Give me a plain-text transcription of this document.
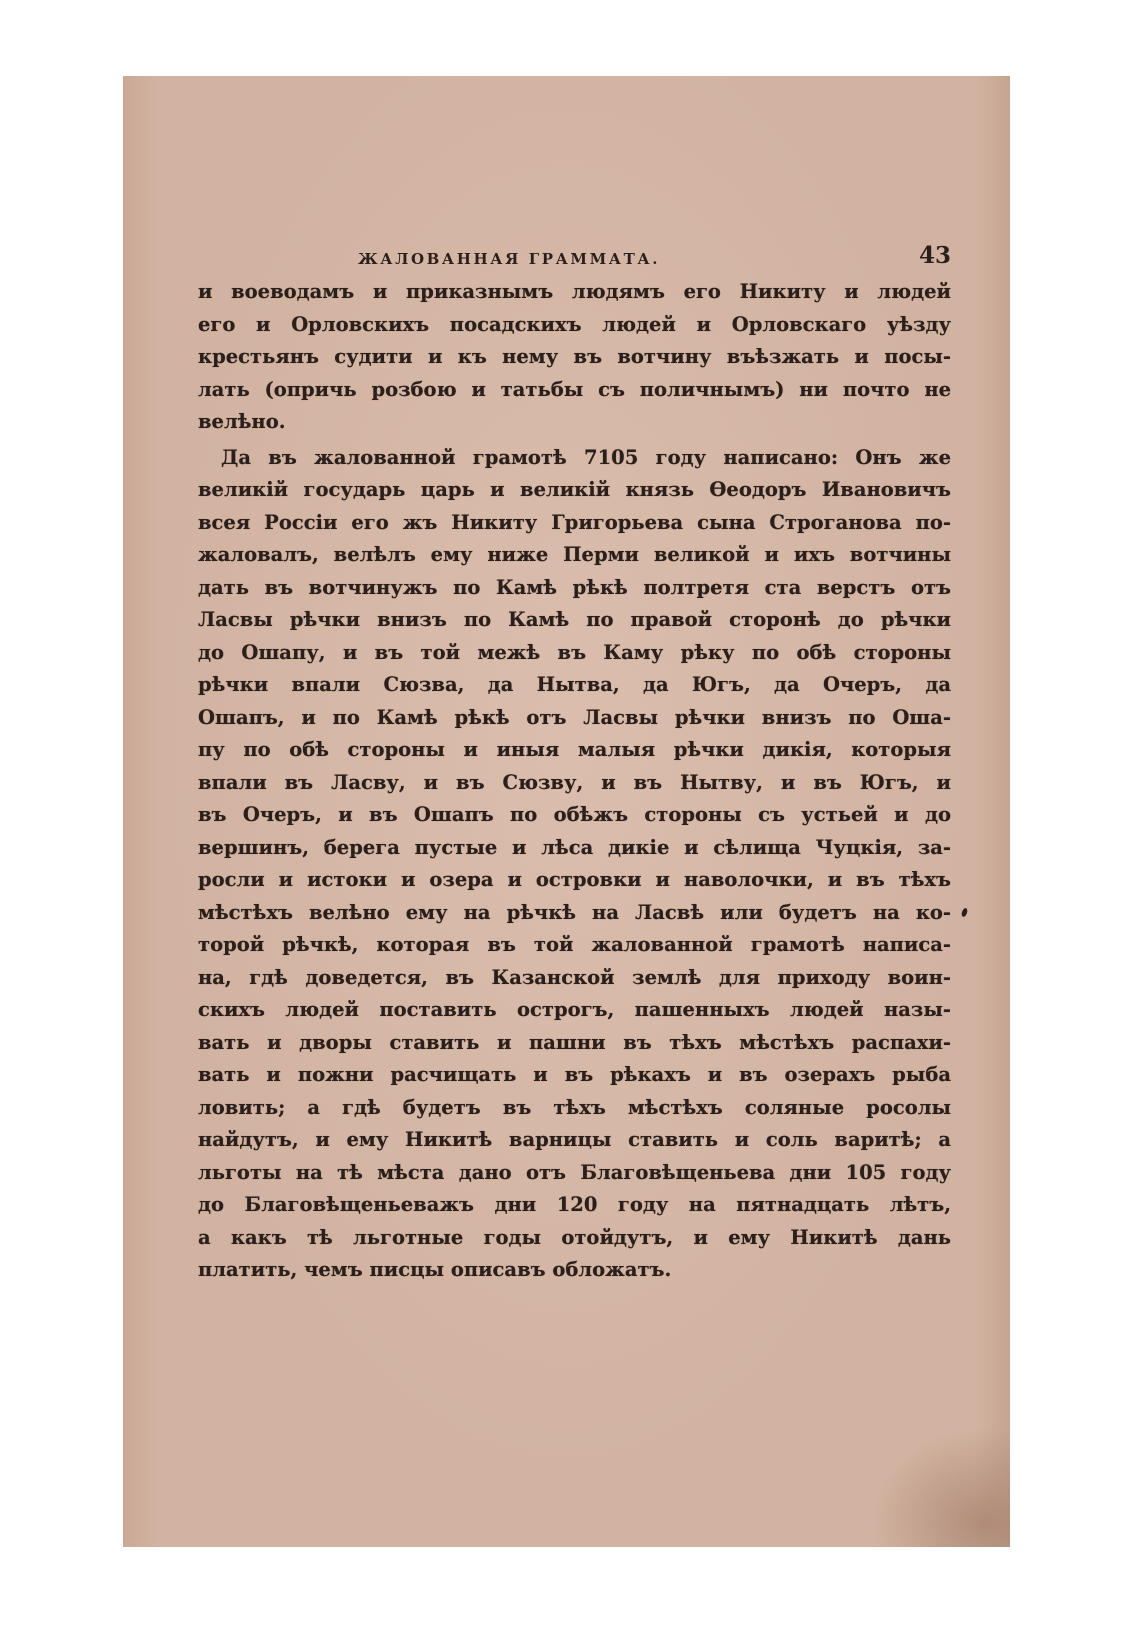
ЖАЛОВАННАЯ ГРАММАТА.	43

и воеводамъ и приказнымъ людямъ его Никиту и людей
его и Орловскихъ посадскихъ людей и Орловскаго уѣзду
крестьянъ судити и къ нему въ вотчину въѣзжать и посы-
лать (опричь розбою и татьбы съ поличнымъ) ни почто не
велѣно.

Да въ жалованной грамотѣ 7105 году написано: Онъ же
великій государь царь и великій князь Ѳеодоръ Ивановичъ
всея Россіи его жъ Никиту Григорьева сына Строганова по-
жаловалъ, велѣлъ ему ниже Перми великой и ихъ вотчины
дать въ вотчинужъ по Камѣ рѣкѣ полтретя ста верстъ отъ
Ласвы рѣчки внизъ по Камѣ по правой сторонѣ до рѣчки
до Ошапу, и въ той межѣ въ Каму рѣку по обѣ стороны
рѣчки впали Сюзва, да Нытва, да Югъ, да Очеръ, да
Ошапъ, и по Камѣ рѣкѣ отъ Ласвы рѣчки внизъ по Оша-
пу по обѣ стороны и иныя малыя рѣчки дикія, которыя
впали въ Ласву, и въ Сюзву, и въ Нытву, и въ Югъ, и
въ Очеръ, и въ Ошапъ по обѣжъ стороны съ устьей и до
вершинъ, берега пустые и лѣса дикіе и сѣлища Чуцкія, за-
росли и истоки и озера и островки и наволочки, и въ тѣхъ
мѣстѣхъ велѣно ему на рѣчкѣ на Ласвѣ или будетъ на ко-
торой рѣчкѣ, которая въ той жалованной грамотѣ написа-
на, гдѣ доведется, въ Казанской землѣ для приходу воин-
скихъ людей поставить острогъ, пашенныхъ людей назы-
вать и дворы ставить и пашни въ тѣхъ мѣстѣхъ распахи-
вать и пожни расчищать и въ рѣкахъ и въ озерахъ рыба
ловить; а гдѣ будетъ въ тѣхъ мѣстѣхъ соляные росолы
найдутъ, и ему Никитѣ варницы ставить и соль варитѣ; а
льготы на тѣ мѣста дано отъ Благовѣщеньева дни 105 году
до Благовѣщеньеважъ дни 120 году на пятнадцать лѣтъ,
а какъ тѣ льготные годы отойдутъ, и ему Никитѣ дань
платить, чемъ писцы описавъ обложатъ.
